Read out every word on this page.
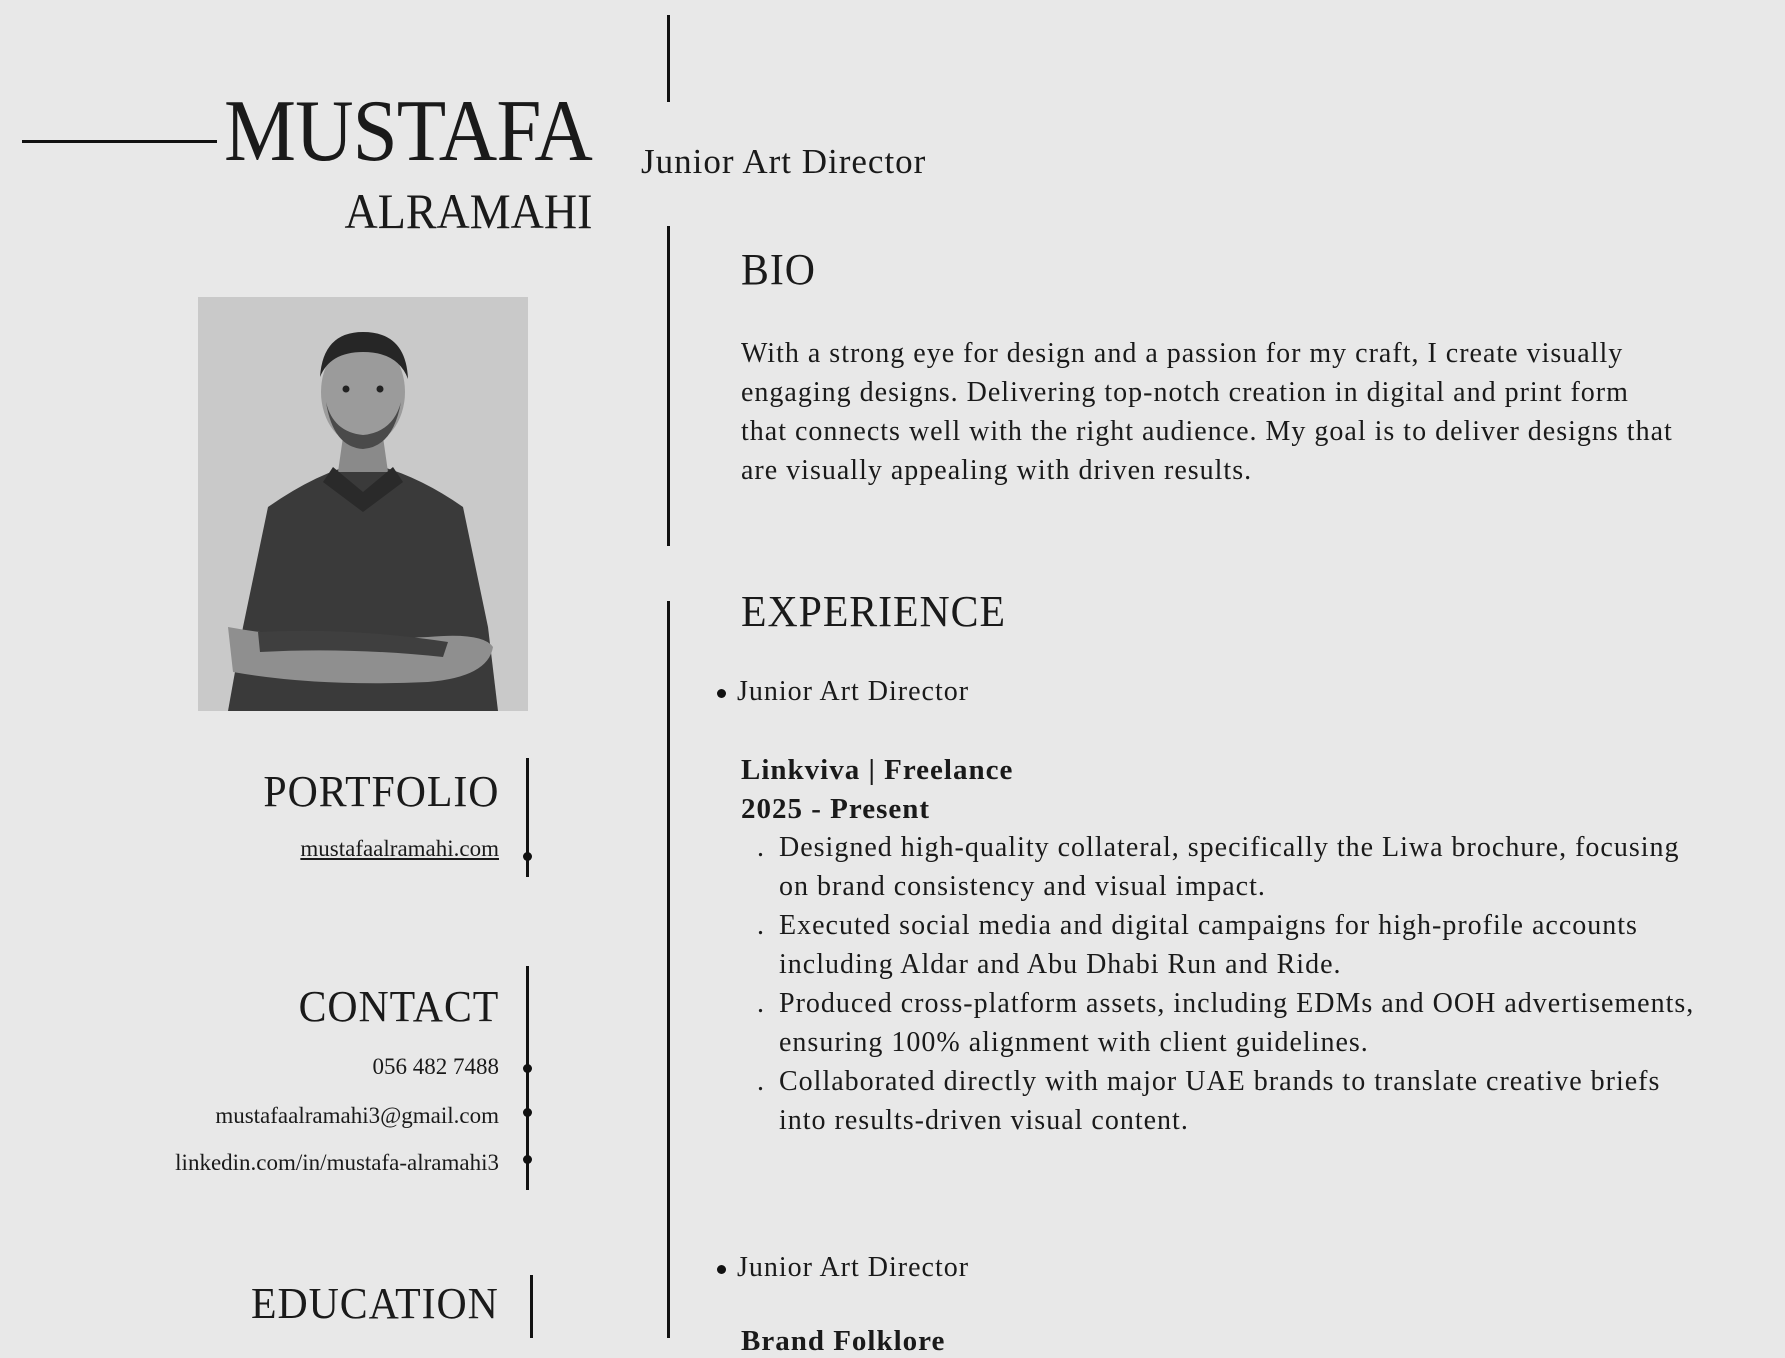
MUSTAFA
ALRAMAHI
Junior Art Director
PORTFOLIO
mustafaalramahi.com
CONTACT
056 482 7488
mustafaalramahi3@gmail.com
linkedin.com/in/mustafa-alramahi3
EDUCATION
BIO
With a strong eye for design and a passion for my craft, I create visually engaging designs. Delivering top-notch creation in digital and print form that connects well with the right audience. My goal is to deliver designs that are visually appealing with driven results.
EXPERIENCE
Junior Art Director
Linkviva | Freelance
2025 - Present
. Designed high-quality collateral, specifically the Liwa brochure, focusing on brand consistency and visual impact.
. Executed social media and digital campaigns for high-profile accounts including Aldar and Abu Dhabi Run and Ride.
. Produced cross-platform assets, including EDMs and OOH advertisements, ensuring 100% alignment with client guidelines.
. Collaborated directly with major UAE brands to translate creative briefs into results-driven visual content.
Junior Art Director
Brand Folklore
